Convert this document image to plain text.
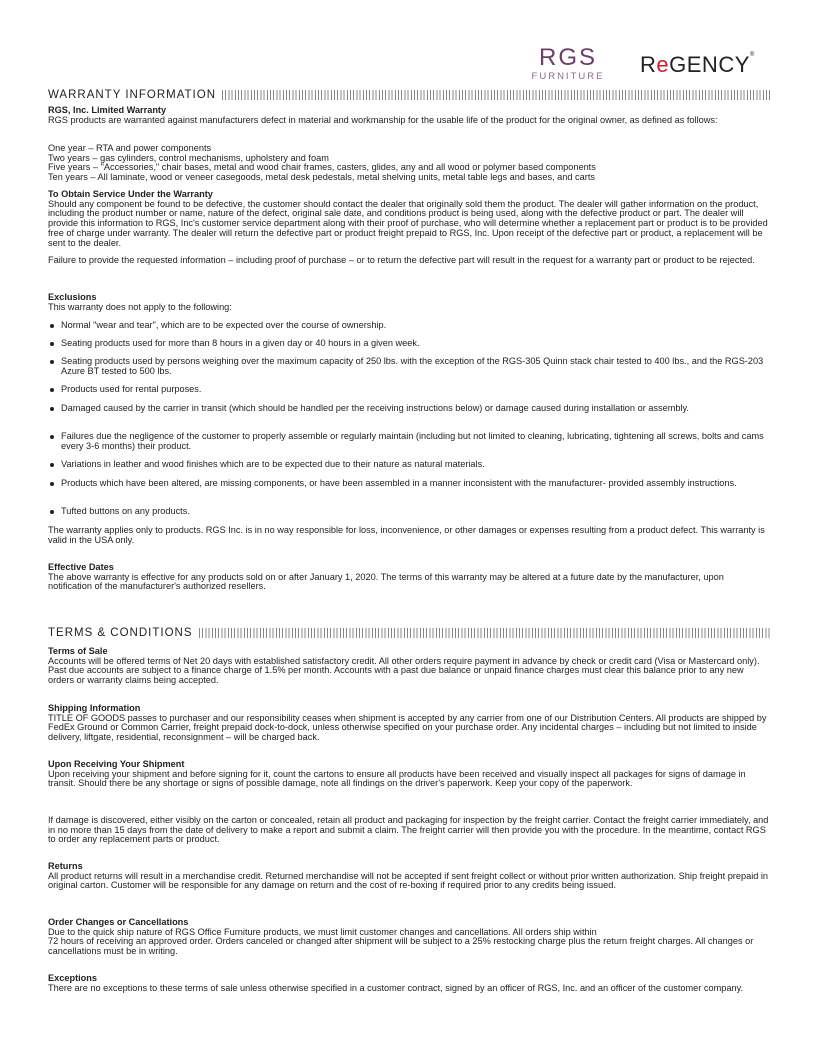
RGS
FURNITURE ReGENCY®
WARRANTY INFORMATION
RGS, Inc. Limited Warranty

RGS products are warranted against manufacturers defect in material and workmanship for the usable life of the product for the original owner, as defined as follows:

One year – RTA and power components

Two years – gas cylinders, control mechanisms, upholstery and foam

Five years – "Accessories," chair bases, metal and wood chair frames, casters, glides, any and all wood or polymer based components

Ten years – All laminate, wood or veneer casegoods, metal desk pedestals, metal shelving units, metal table legs and bases, and carts

To Obtain Service Under the Warranty

Should any component be found to be defective, the customer should contact the dealer that originally sold them the product. The dealer will gather information on the product, including the product number or name, nature of the defect, original sale date, and conditions product is being used, along with the defective product or part. The dealer will provide this information to RGS, Inc's customer service department along with their proof of purchase, who will determine whether a replacement part or product is to be provided free of charge under warranty. The dealer will return the defective part or product freight prepaid to RGS, Inc. Upon receipt of the defective part or product, a replacement will be sent to the dealer.

Failure to provide the requested information – including proof of purchase – or to return the defective part will result in the request for a warranty part or product to be rejected.

Exclusions

This warranty does not apply to the following:

Normal "wear and tear", which are to be expected over the course of ownership.
Seating products used for more than 8 hours in a given day or 40 hours in a given week.
Seating products used by persons weighing over the maximum capacity of 250 lbs. with the exception of the RGS-305 Quinn stack chair tested to 400 lbs., and the RGS-203 Azure BT tested to 500 lbs.
Products used for rental purposes.
Damaged caused by the carrier in transit (which should be handled per the receiving instructions below) or damage caused during installation or assembly.
Failures due the negligence of the customer to properly assemble or regularly maintain (including but not limited to cleaning, lubricating, tightening all screws, bolts and cams every 3-6 months) their product.
Variations in leather and wood finishes which are to be expected due to their nature as natural materials.
Products which have been altered, are missing components, or have been assembled in a manner inconsistent with the manufacturer- provided assembly instructions.
Tufted buttons on any products.

The warranty applies only to products. RGS Inc. is in no way responsible for loss, inconvenience, or other damages or expenses resulting from a product defect. This warranty is valid in the USA only.

Effective Dates

The above warranty is effective for any products sold on or after January 1, 2020. The terms of this warranty may be altered at a future date by the manufacturer, upon notification of the manufacturer's authorized resellers.

TERMS & CONDITIONS
Terms of Sale

Accounts will be offered terms of Net 20 days with established satisfactory credit. All other orders require payment in advance by check or credit card (Visa or Mastercard only). Past due accounts are subject to a finance charge of 1.5% per month. Accounts with a past due balance or unpaid finance charges must clear this balance prior to any new orders or warranty claims being accepted.

Shipping Information

TITLE OF GOODS passes to purchaser and our responsibility ceases when shipment is accepted by any carrier from one of our Distribution Centers. All products are shipped by FedEx Ground or Common Carrier, freight prepaid dock-to-dock, unless otherwise specified on your purchase order. Any incidental charges – including but not limited to inside delivery, liftgate, residential, reconsignment – will be charged back.

Upon Receiving Your Shipment

Upon receiving your shipment and before signing for it, count the cartons to ensure all products have been received and visually inspect all packages for signs of damage in transit. Should there be any shortage or signs of possible damage, note all findings on the driver's paperwork. Keep your copy of the paperwork.

If damage is discovered, either visibly on the carton or concealed, retain all product and packaging for inspection by the freight carrier. Contact the freight carrier immediately, and in no more than 15 days from the date of delivery to make a report and submit a claim. The freight carrier will then provide you with the procedure. In the meantime, contact RGS to order any replacement parts or product.

Returns

All product returns will result in a merchandise credit. Returned merchandise will not be accepted if sent freight collect or without prior written authorization. Ship freight prepaid in original carton. Customer will be responsible for any damage on return and the cost of re-boxing if required prior to any credits being issued.

Order Changes or Cancellations

Due to the quick ship nature of RGS Office Furniture products, we must limit customer changes and cancellations. All orders ship within

72 hours of receiving an approved order. Orders canceled or changed after shipment will be subject to a 25% restocking charge plus the return freight charges. All changes or cancellations must be in writing.

Exceptions

There are no exceptions to these terms of sale unless otherwise specified in a customer contract, signed by an officer of RGS, Inc. and an officer of the customer company.
